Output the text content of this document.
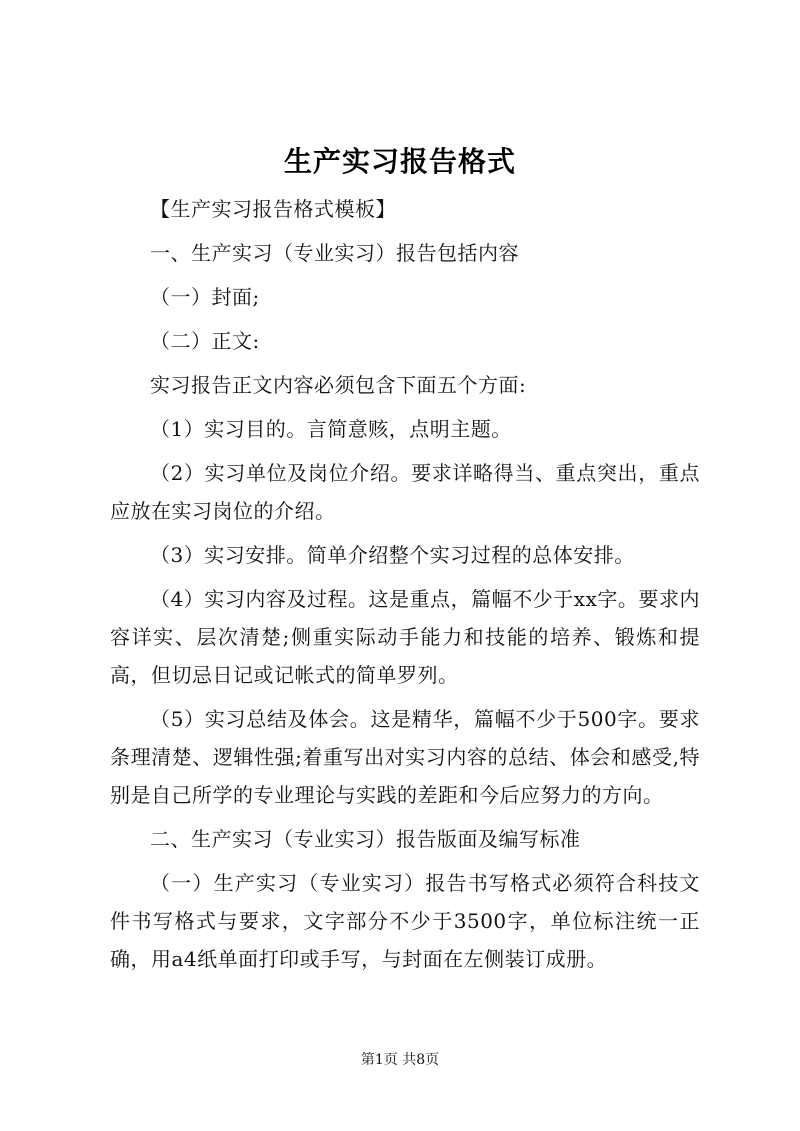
生产实习报告格式

【生产实习报告格式模板】

一、生产实习（专业实习）报告包括内容

（一）封面;

（二）正文:

实习报告正文内容必须包含下面五个方面:

（1）实习目的。言简意赅，点明主题。

（2）实习单位及岗位介绍。要求详略得当、重点突出，重点应放在实习岗位的介绍。

（3）实习安排。简单介绍整个实习过程的总体安排。

（4）实习内容及过程。这是重点，篇幅不少于xx字。要求内容详实、层次清楚;侧重实际动手能力和技能的培养、锻炼和提高，但切忌日记或记帐式的简单罗列。

（5）实习总结及体会。这是精华，篇幅不少于500字。要求条理清楚、逻辑性强;着重写出对实习内容的总结、体会和感受,特别是自己所学的专业理论与实践的差距和今后应努力的方向。

二、生产实习（专业实习）报告版面及编写标准

（一）生产实习（专业实习）报告书写格式必须符合科技文件书写格式与要求，文字部分不少于3500字，单位标注统一正确，用a4纸单面打印或手写，与封面在左侧装订成册。

第1页 共8页
